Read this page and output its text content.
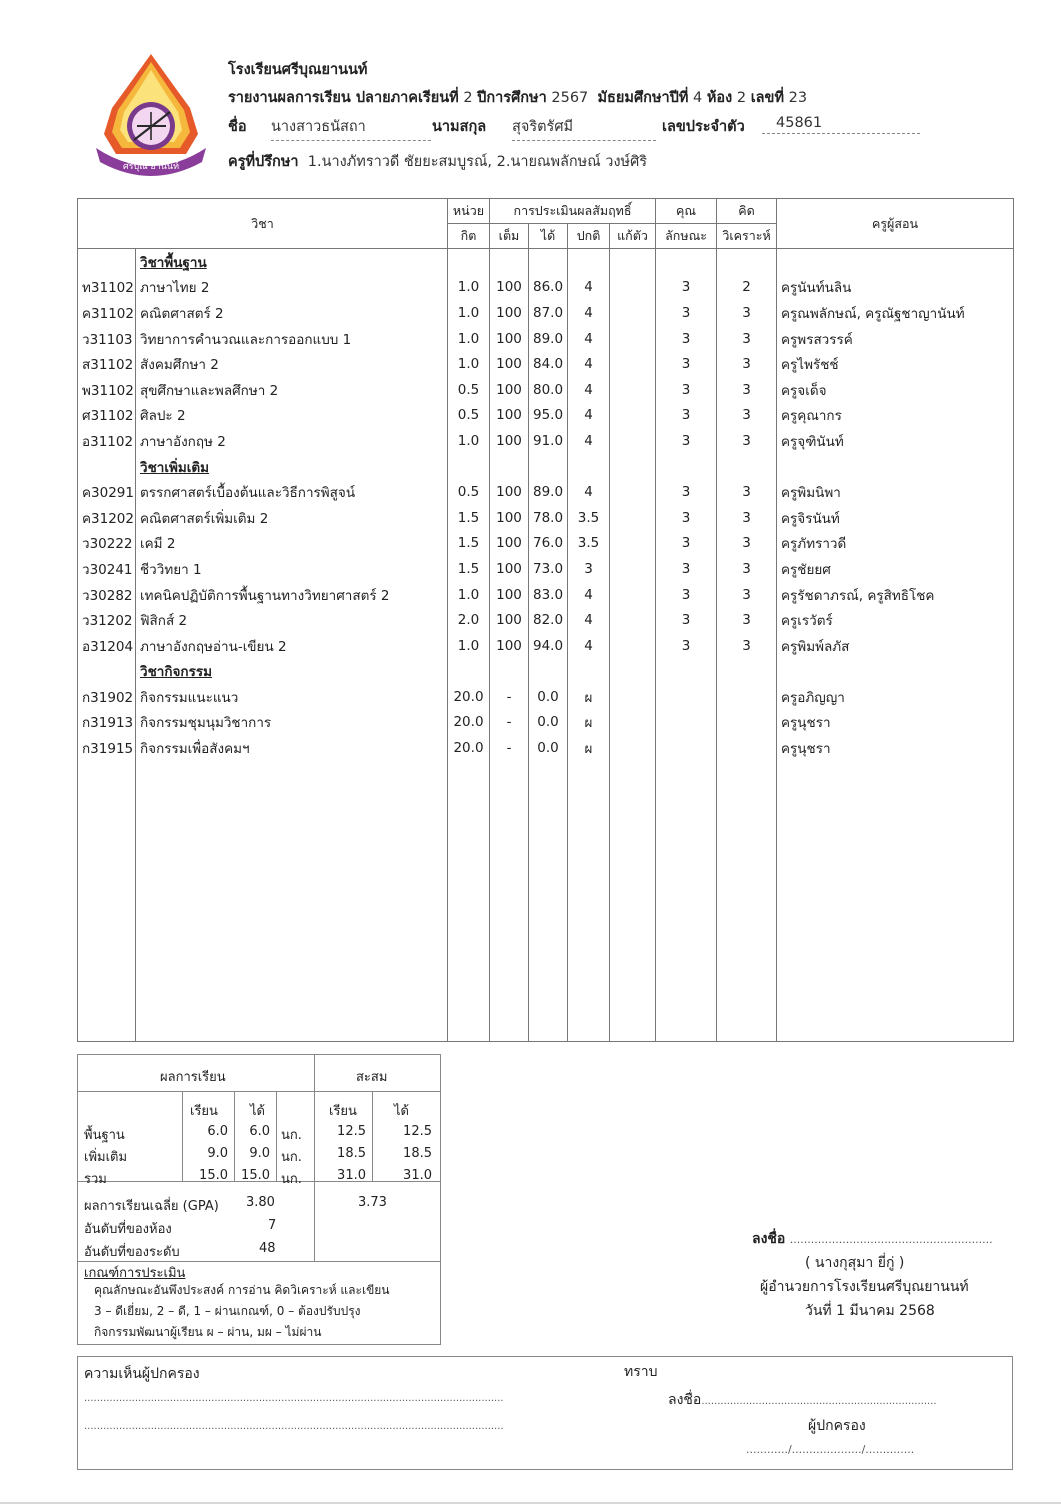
ศรีบุณ ยานนท์
โรงเรียนศรีบุณยานนท์
รายงานผลการเรียน ปลายภาคเรียนที่ 2 ปีการศึกษา 2567 มัธยมศึกษาปีที่ 4 ห้อง 2 เลขที่ 23
ชื่อ นางสาวธนัสถา	นามสกุล สุจริตรัศมี	เลขประจำตัว	45861
ครูที่ปรึกษา 1.นางภัทราวดี ชัยยะสมบูรณ์, 2.นายณพลักษณ์ วงษ์ศิริ
วิชา		หน่วย	การประเมินผลสัมฤทธิ์				คุณ	คิด	ครูผู้สอน
		กิต	เต็ม	ได้	ปกติ	แก้ตัว	ลักษณะ	วิเคราะห์	
	วิชาพื้นฐาน								
ท31102	ภาษาไทย 2	1.0	100	86.0	4		3	2	ครูนันท์นลิน
ค31102	คณิตศาสตร์ 2	1.0	100	87.0	4		3	3	ครูณพลักษณ์, ครูณัฐชาญานันท์
ว31103	วิทยาการคำนวณและการออกแบบ 1	1.0	100	89.0	4		3	3	ครูพรสวรรค์
ส31102	สังคมศึกษา 2	1.0	100	84.0	4		3	3	ครูไพรัชช์
พ31102	สุขศึกษาและพลศึกษา 2	0.5	100	80.0	4		3	3	ครูจเด็จ
ศ31102	ศิลปะ 2	0.5	100	95.0	4		3	3	ครูคุณากร
อ31102	ภาษาอังกฤษ 2	1.0	100	91.0	4		3	3	ครูจุฑินันท์
	วิชาเพิ่มเติม								
ค30291	ตรรกศาสตร์เบื้องต้นและวิธีการพิสูจน์	0.5	100	89.0	4		3	3	ครูพิมนิพา
ค31202	คณิตศาสตร์เพิ่มเติม 2	1.5	100	78.0	3.5		3	3	ครูจิรนันท์
ว30222	เคมี 2	1.5	100	76.0	3.5		3	3	ครูภัทราวดี
ว30241	ชีววิทยา 1	1.5	100	73.0	3		3	3	ครูชัยยศ
ว30282	เทคนิคปฏิบัติการพื้นฐานทางวิทยาศาสตร์ 2	1.0	100	83.0	4		3	3	ครูรัชดาภรณ์, ครูสิทธิโชค
ว31202	ฟิสิกส์ 2	2.0	100	82.0	4		3	3	ครูเรวัตร์
อ31204	ภาษาอังกฤษอ่าน-เขียน 2	1.0	100	94.0	4		3	3	ครูพิมพ์ลภัส
	วิชากิจกรรม								
ก31902	กิจกรรมแนะแนว	20.0	-	0.0	ผ				ครูอภิญญา
ก31913	กิจกรรมชุมนุมวิชาการ	20.0	-	0.0	ผ				ครูนุชรา
ก31915	กิจกรรมเพื่อสังคมฯ	20.0	-	0.0	ผ				ครูนุชรา

ผลการเรียน	สะสม
เรียน ได้	เรียน	ได้
พื้นฐาน	6.0	6.0 นก.	12.5	12.5
เพิ่มเติม	9.0	9.0 นก.	18.5	18.5
รวม	15.0	15.0 นก.	31.0	31.0
ผลการเรียนเฉลี่ย (GPA) 3.80	3.73
อันดับที่ของห้อง	7
อันดับที่ของระดับ	48
เกณฑ์การประเมิน
คุณลักษณะอันพึงประสงค์ การอ่าน คิดวิเคราะห์ และเขียน
3 – ดีเยี่ยม, 2 – ดี, 1 – ผ่านเกณฑ์, 0 – ต้องปรับปรุง
กิจกรรมพัฒนาผู้เรียน ผ – ผ่าน, มผ – ไม่ผ่าน
ลงชื่อ ..........................................................
( นางกุสุมา ยี่กู่ )
ผู้อำนวยการโรงเรียนศรีบุณยานนท์
วันที่ 1 มีนาคม 2568
ความเห็นผู้ปกครอง	ทราบ
....................................................................................................................................
....................................................................................................................................
ลงชื่อ..........................................................................
ผู้ปกครอง
............/..................../..............
